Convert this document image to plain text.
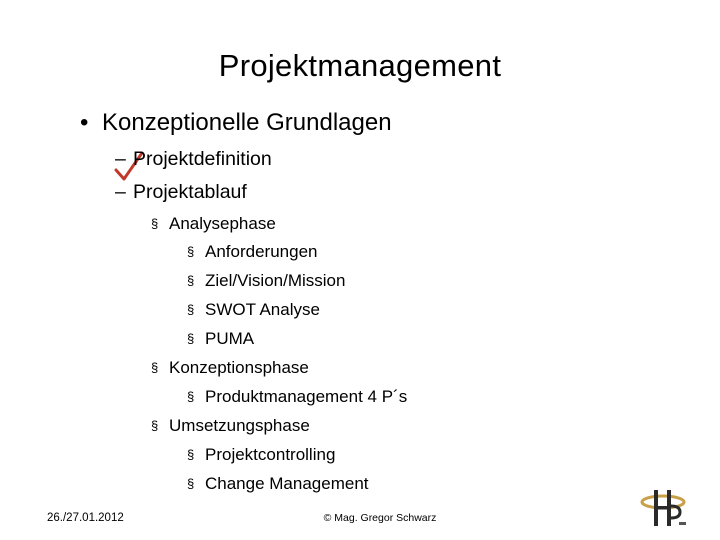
Projektmanagement
• Konzeptionelle Grundlagen
– Projektdefinition
– Projektablauf
§ Analysephase
§ Anforderungen
§ Ziel/Vision/Mission
§ SWOT Analyse
§ PUMA
§ Konzeptionsphase
§ Produktmanagement 4 P´s
§ Umsetzungsphase
§ Projektcontrolling
§ Change Management
26./27.01.2012	© Mag. Gregor Schwarz
